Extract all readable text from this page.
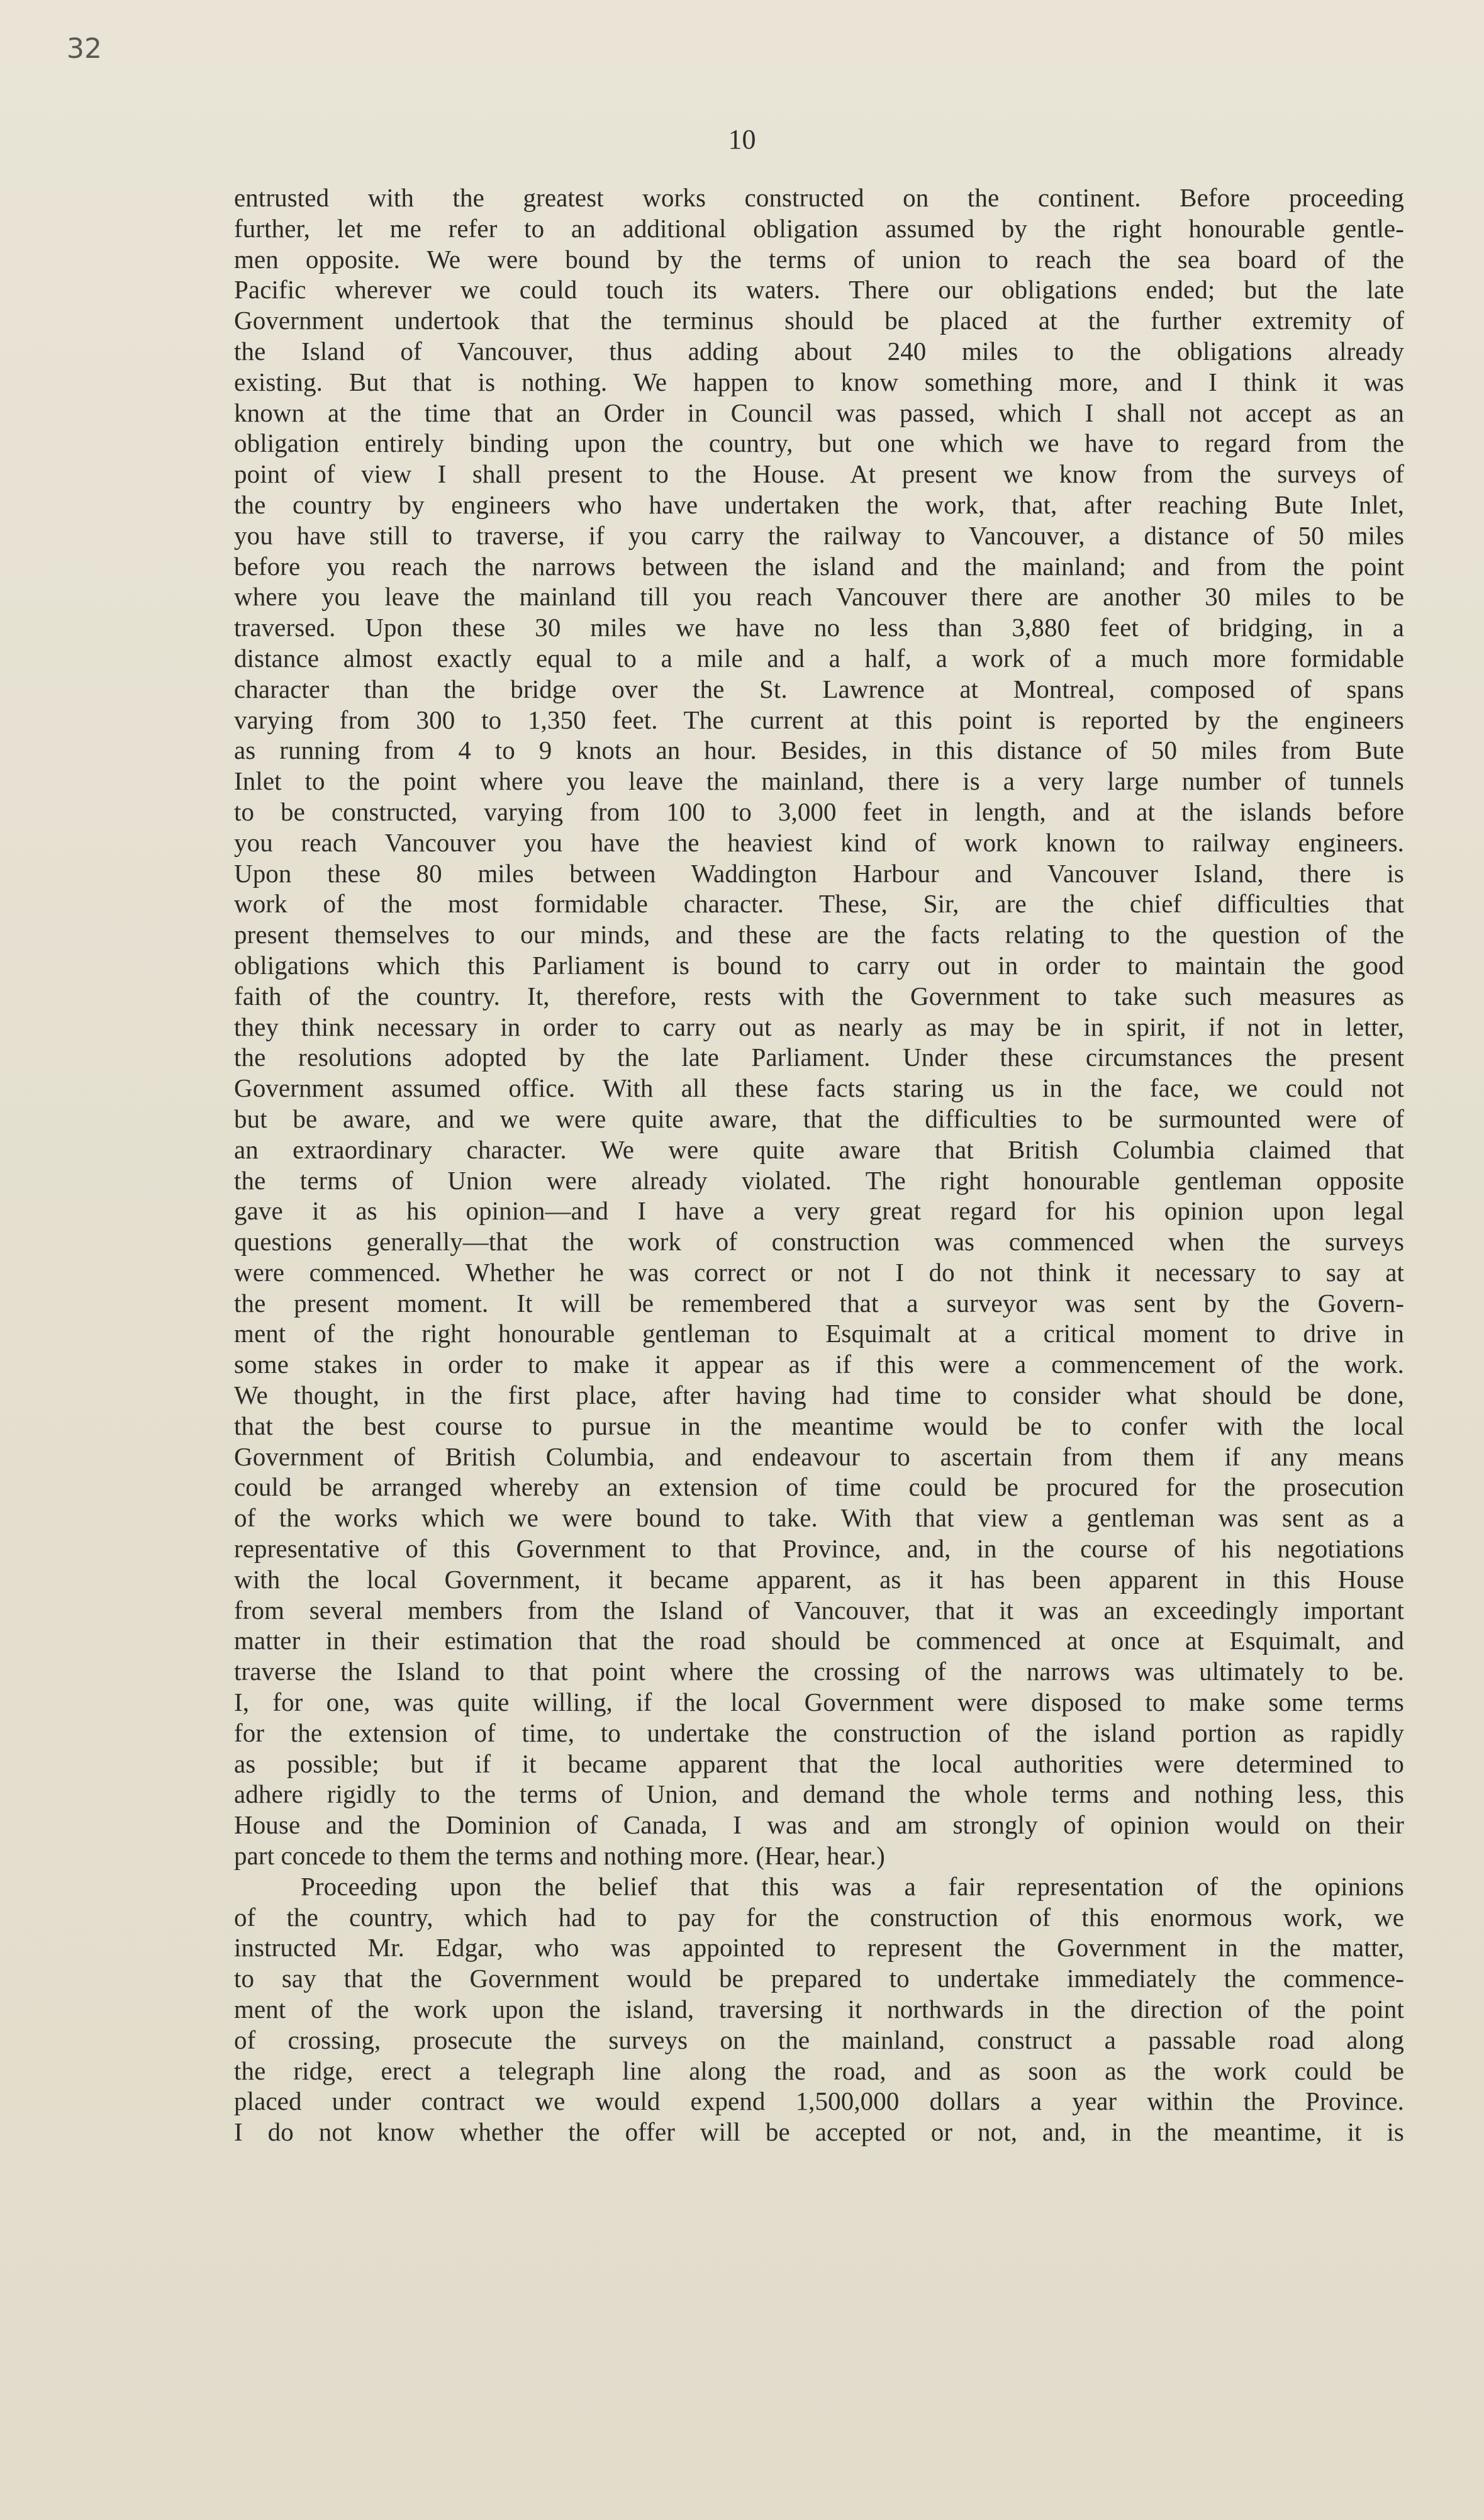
32
10
entrusted with the greatest works constructed on the continent. Before proceeding
further, let me refer to an additional obligation assumed by the right honourable gentle-
men opposite. We were bound by the terms of union to reach the sea board of the
Pacific wherever we could touch its waters. There our obligations ended; but the late
Government undertook that the terminus should be placed at the further extremity of
the Island of Vancouver, thus adding about 240 miles to the obligations already
existing. But that is nothing. We happen to know something more, and I think it was
known at the time that an Order in Council was passed, which I shall not accept as an
obligation entirely binding upon the country, but one which we have to regard from the
point of view I shall present to the House. At present we know from the surveys of
the country by engineers who have undertaken the work, that, after reaching Bute Inlet,
you have still to traverse, if you carry the railway to Vancouver, a distance of 50 miles
before you reach the narrows between the island and the mainland; and from the point
where you leave the mainland till you reach Vancouver there are another 30 miles to be
traversed. Upon these 30 miles we have no less than 3,880 feet of bridging, in a
distance almost exactly equal to a mile and a half, a work of a much more formidable
character than the bridge over the St. Lawrence at Montreal, composed of spans
varying from 300 to 1,350 feet. The current at this point is reported by the engineers
as running from 4 to 9 knots an hour. Besides, in this distance of 50 miles from Bute
Inlet to the point where you leave the mainland, there is a very large number of tunnels
to be constructed, varying from 100 to 3,000 feet in length, and at the islands before
you reach Vancouver you have the heaviest kind of work known to railway engineers.
Upon these 80 miles between Waddington Harbour and Vancouver Island, there is
work of the most formidable character. These, Sir, are the chief difficulties that
present themselves to our minds, and these are the facts relating to the question of the
obligations which this Parliament is bound to carry out in order to maintain the good
faith of the country. It, therefore, rests with the Government to take such measures as
they think necessary in order to carry out as nearly as may be in spirit, if not in letter,
the resolutions adopted by the late Parliament. Under these circumstances the present
Government assumed office. With all these facts staring us in the face, we could not
but be aware, and we were quite aware, that the difficulties to be surmounted were of
an extraordinary character. We were quite aware that British Columbia claimed that
the terms of Union were already violated. The right honourable gentleman opposite
gave it as his opinion—and I have a very great regard for his opinion upon legal
questions generally—that the work of construction was commenced when the surveys
were commenced. Whether he was correct or not I do not think it necessary to say at
the present moment. It will be remembered that a surveyor was sent by the Govern-
ment of the right honourable gentleman to Esquimalt at a critical moment to drive in
some stakes in order to make it appear as if this were a commencement of the work.
We thought, in the first place, after having had time to consider what should be done,
that the best course to pursue in the meantime would be to confer with the local
Government of British Columbia, and endeavour to ascertain from them if any means
could be arranged whereby an extension of time could be procured for the prosecution
of the works which we were bound to take. With that view a gentleman was sent as a
representative of this Government to that Province, and, in the course of his negotiations
with the local Government, it became apparent, as it has been apparent in this House
from several members from the Island of Vancouver, that it was an exceedingly important
matter in their estimation that the road should be commenced at once at Esquimalt, and
traverse the Island to that point where the crossing of the narrows was ultimately to be.
I, for one, was quite willing, if the local Government were disposed to make some terms
for the extension of time, to undertake the construction of the island portion as rapidly
as possible; but if it became apparent that the local authorities were determined to
adhere rigidly to the terms of Union, and demand the whole terms and nothing less, this
House and the Dominion of Canada, I was and am strongly of opinion would on their
part concede to them the terms and nothing more. (Hear, hear.)
Proceeding upon the belief that this was a fair representation of the opinions
of the country, which had to pay for the construction of this enormous work, we
instructed Mr. Edgar, who was appointed to represent the Government in the matter,
to say that the Government would be prepared to undertake immediately the commence-
ment of the work upon the island, traversing it northwards in the direction of the point
of crossing, prosecute the surveys on the mainland, construct a passable road along
the ridge, erect a telegraph line along the road, and as soon as the work could be
placed under contract we would expend 1,500,000 dollars a year within the Province.
I do not know whether the offer will be accepted or not, and, in the meantime, it is
